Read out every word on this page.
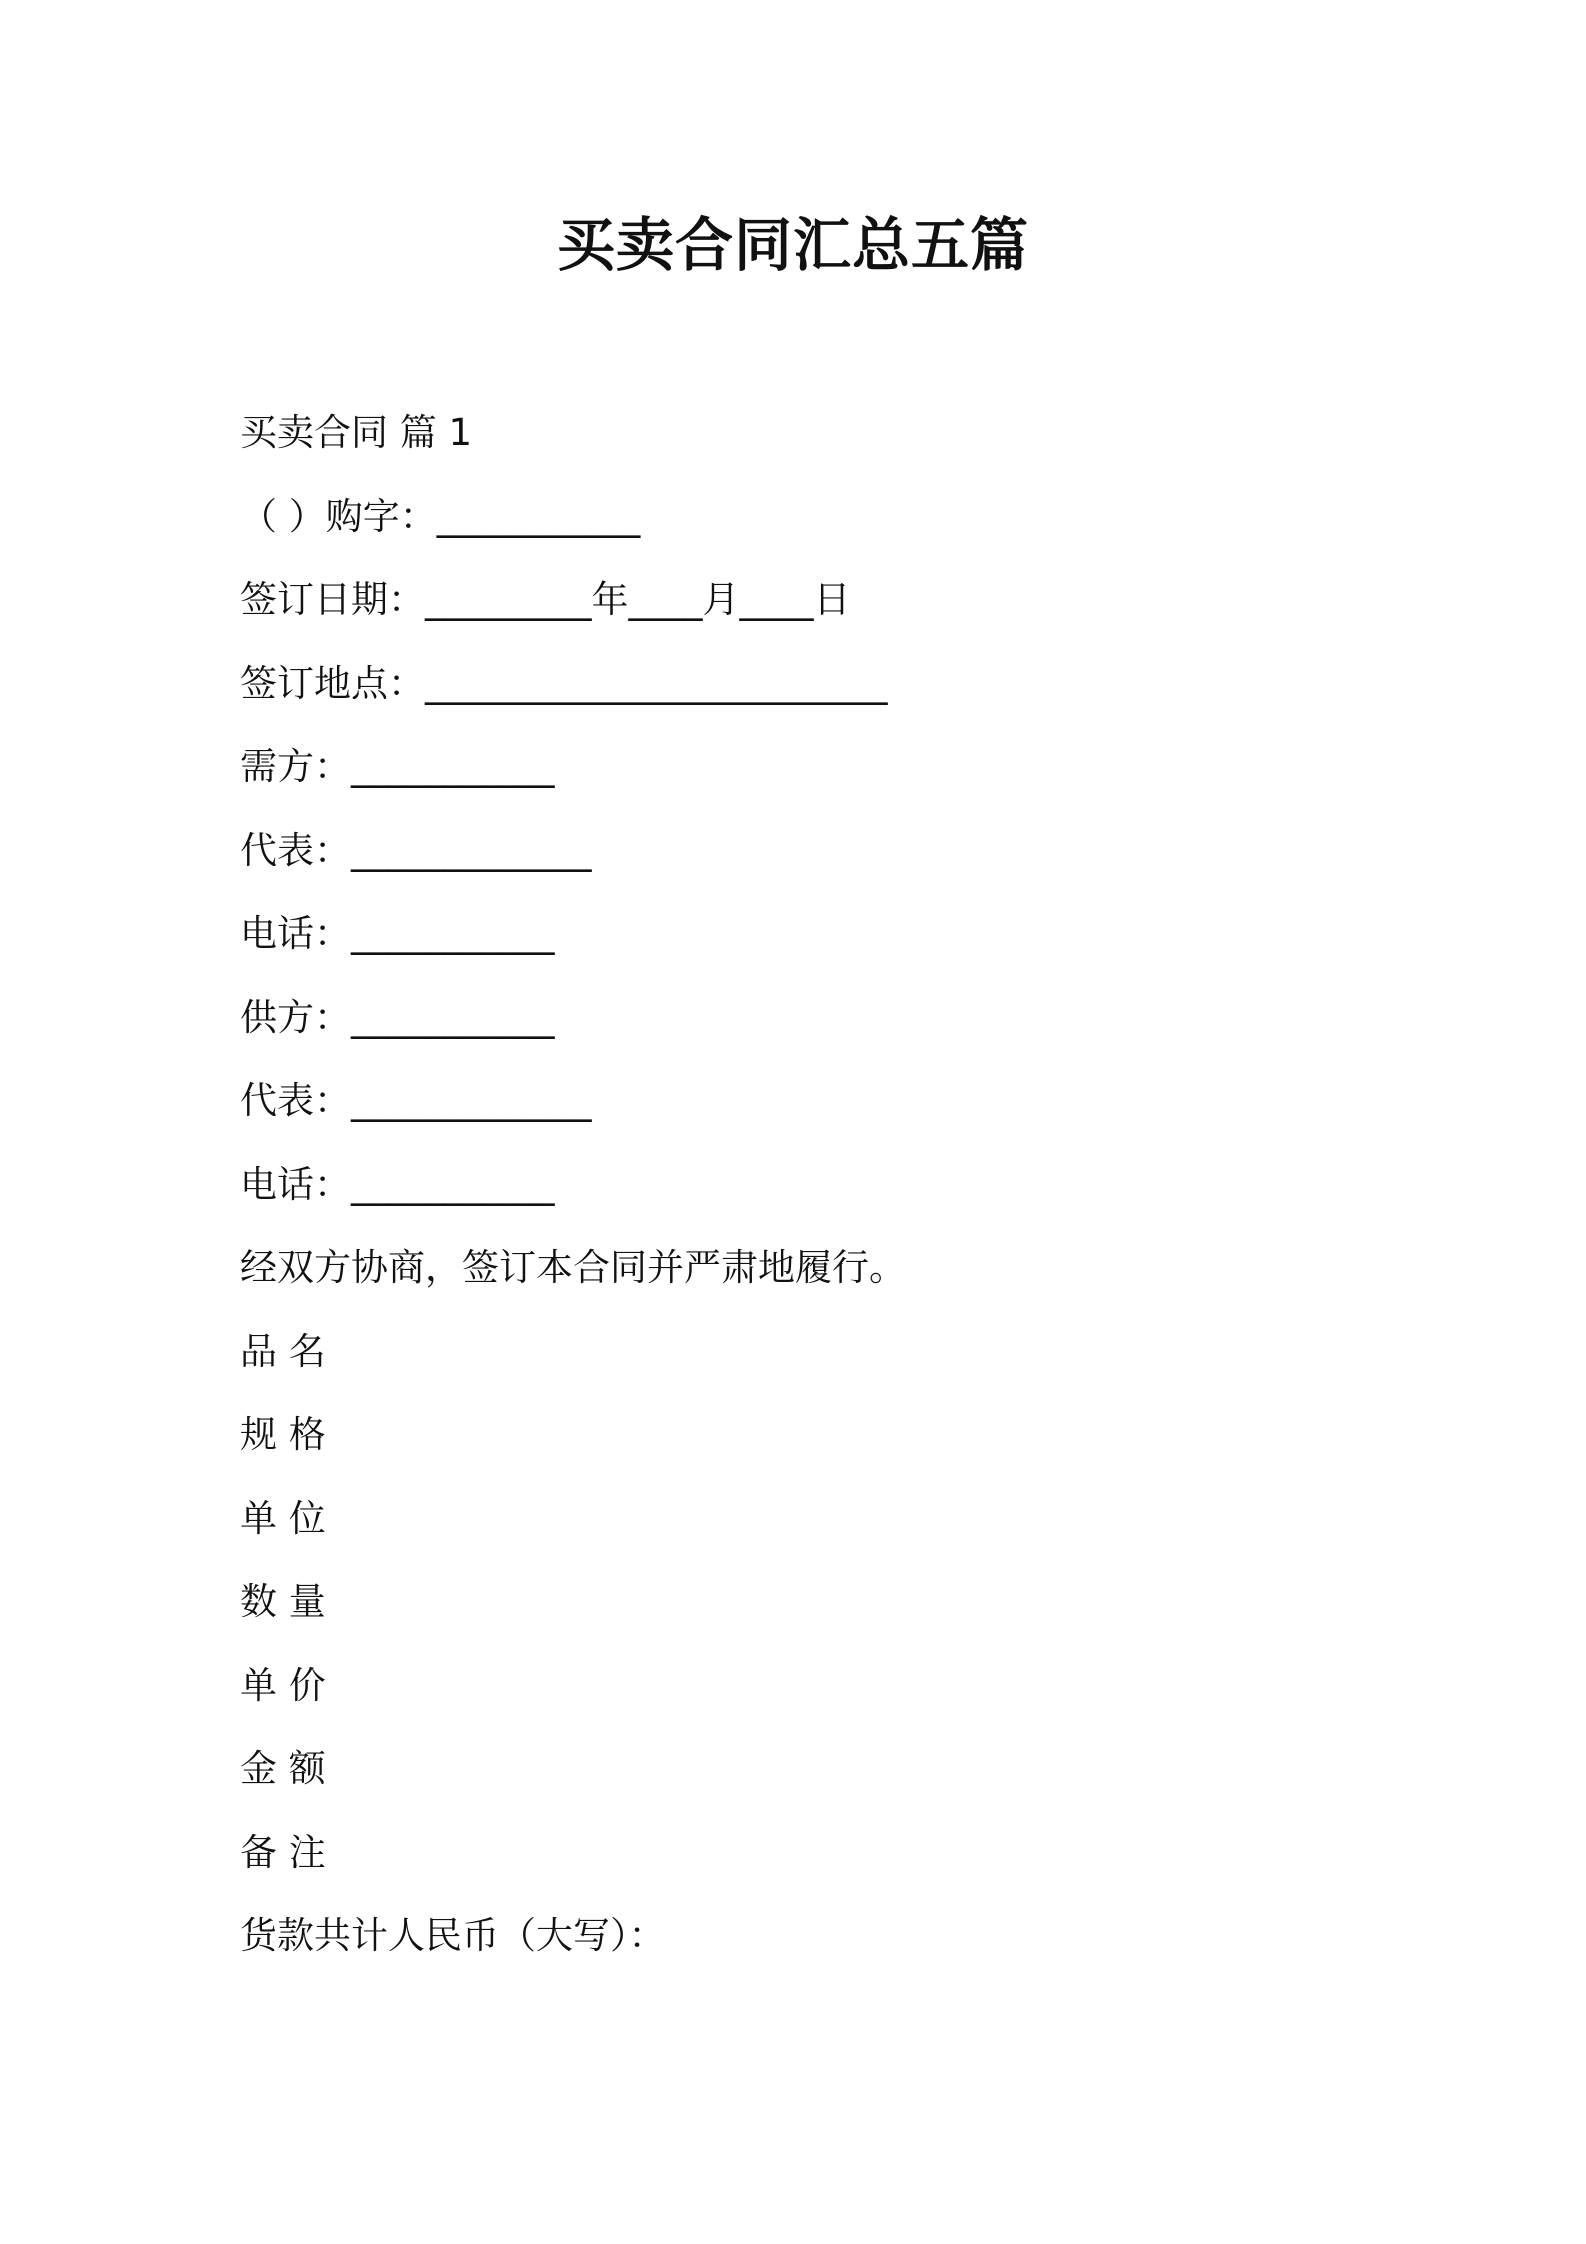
买卖合同汇总五篇
买卖合同 篇 1
（ ）购字：___________
签订日期：_________年____月____日
签订地点：_________________________
需方：___________
代表：_____________
电话：___________
供方：___________
代表：_____________
电话：___________
经双方协商，签订本合同并严肃地履行。
品 名
规 格
单 位
数 量
单 价
金 额
备 注
货款共计人民币（大写）：
